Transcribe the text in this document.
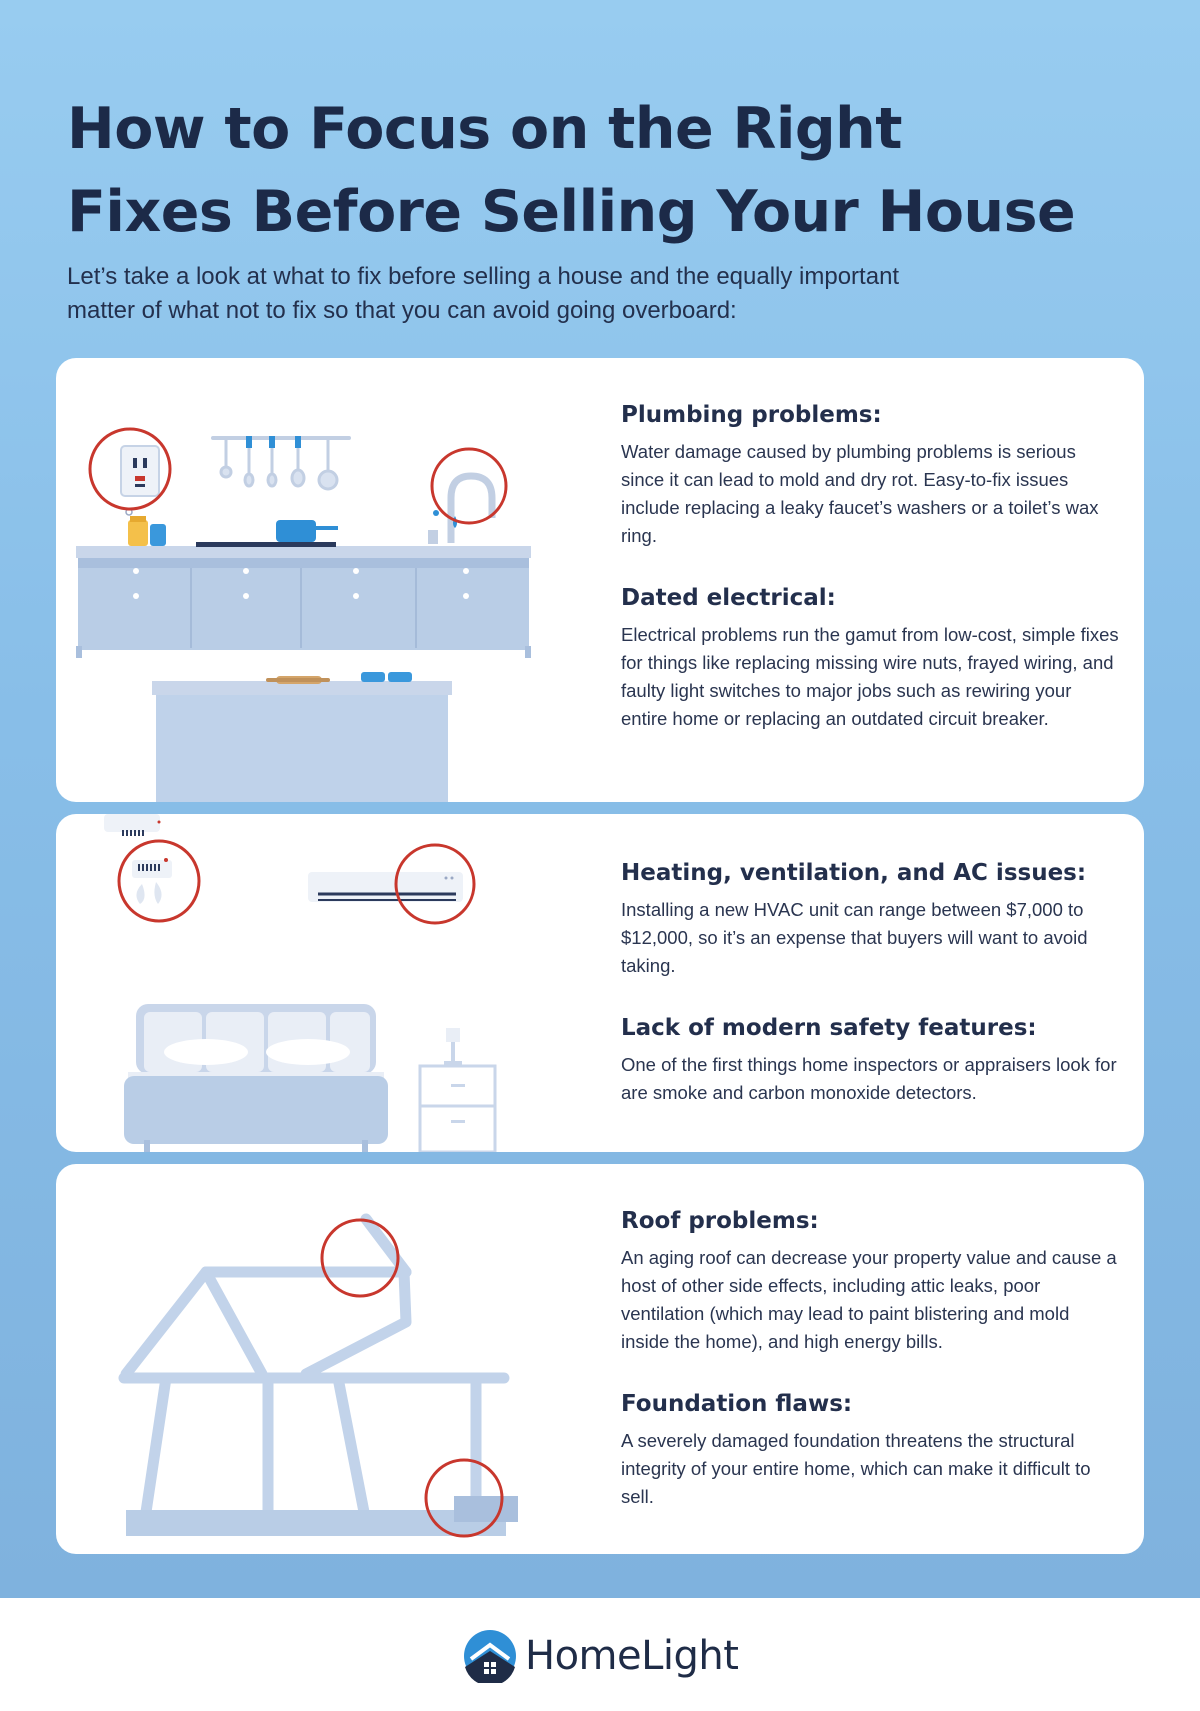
How to Focus on the Right
Fixes Before Selling Your House
Let’s take a look at what to fix before selling a house and the equally important
matter of what not to fix so that you can avoid going overboard:
Plumbing problems:

Water damage caused by plumbing problems is serious since it can lead to mold and dry rot. Easy-to-fix issues include replacing a leaky faucet’s washers or a toilet’s wax ring.

Dated electrical:

Electrical problems run the gamut from low-cost, simple fixes for things like replacing missing wire nuts, frayed wiring, and faulty light switches to major jobs such as rewiring your entire home or replacing an outdated circuit breaker.

Heating, ventilation, and AC issues:

Installing a new HVAC unit can range between $7,000 to $12,000, so it’s an expense that buyers will want to avoid taking.

Lack of modern safety features:

One of the first things home inspectors or appraisers look for are smoke and carbon monoxide detectors.

Roof problems:

An aging roof can decrease your property value and cause a host of other side effects, including attic leaks, poor ventilation (which may lead to paint blistering and mold inside the home), and high energy bills.

Foundation flaws:

A severely damaged foundation threatens the structural integrity of your entire home, which can make it difficult to sell.

HomeLight
